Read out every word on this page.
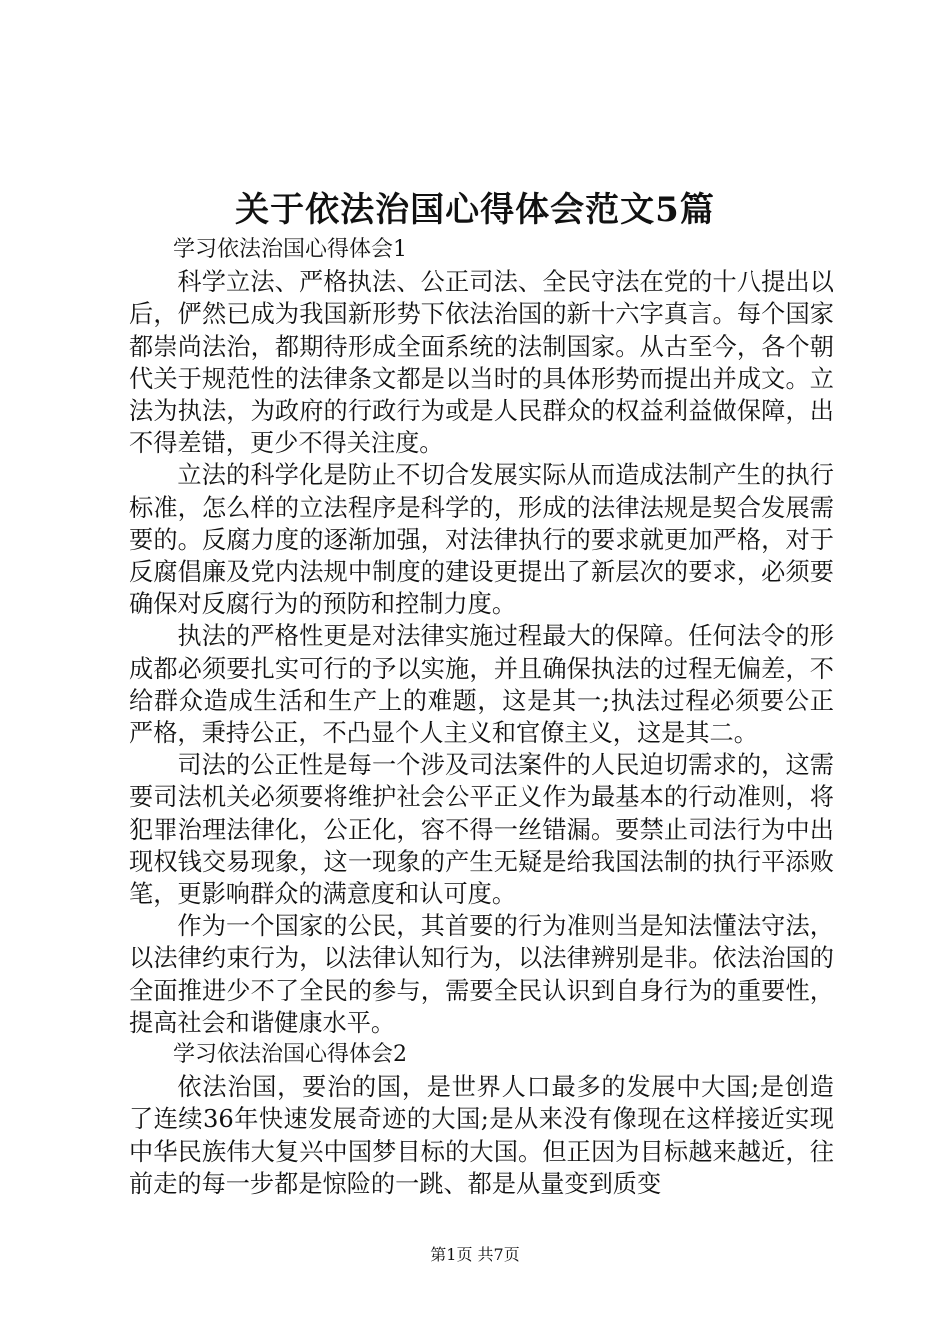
关于依法治国心得体会范文5篇

学习依法治国心得体会1

科学立法、严格执法、公正司法、全民守法在党的十八提出以后，俨然已成为我国新形势下依法治国的新十六字真言。每个国家都崇尚法治，都期待形成全面系统的法制国家。从古至今，各个朝代关于规范性的法律条文都是以当时的具体形势而提出并成文。立法为执法，为政府的行政行为或是人民群众的权益利益做保障，出不得差错，更少不得关注度。

立法的科学化是防止不切合发展实际从而造成法制产生的执行标准，怎么样的立法程序是科学的，形成的法律法规是契合发展需要的。反腐力度的逐渐加强，对法律执行的要求就更加严格，对于反腐倡廉及党内法规中制度的建设更提出了新层次的要求，必须要确保对反腐行为的预防和控制力度。

执法的严格性更是对法律实施过程最大的保障。任何法令的形成都必须要扎实可行的予以实施，并且确保执法的过程无偏差，不给群众造成生活和生产上的难题，这是其一;执法过程必须要公正严格，秉持公正，不凸显个人主义和官僚主义，这是其二。

司法的公正性是每一个涉及司法案件的人民迫切需求的，这需要司法机关必须要将维护社会公平正义作为最基本的行动准则，将犯罪治理法律化，公正化，容不得一丝错漏。要禁止司法行为中出现权钱交易现象，这一现象的产生无疑是给我国法制的执行平添败笔，更影响群众的满意度和认可度。

作为一个国家的公民，其首要的行为准则当是知法懂法守法，以法律约束行为，以法律认知行为，以法律辨别是非。依法治国的全面推进少不了全民的参与，需要全民认识到自身行为的重要性，提高社会和谐健康水平。

学习依法治国心得体会2

依法治国，要治的国，是世界人口最多的发展中大国;是创造了连续36年快速发展奇迹的大国;是从来没有像现在这样接近实现中华民族伟大复兴中国梦目标的大国。但正因为目标越来越近，往前走的每一步都是惊险的一跳、都是从量变到质变

第1页 共7页
